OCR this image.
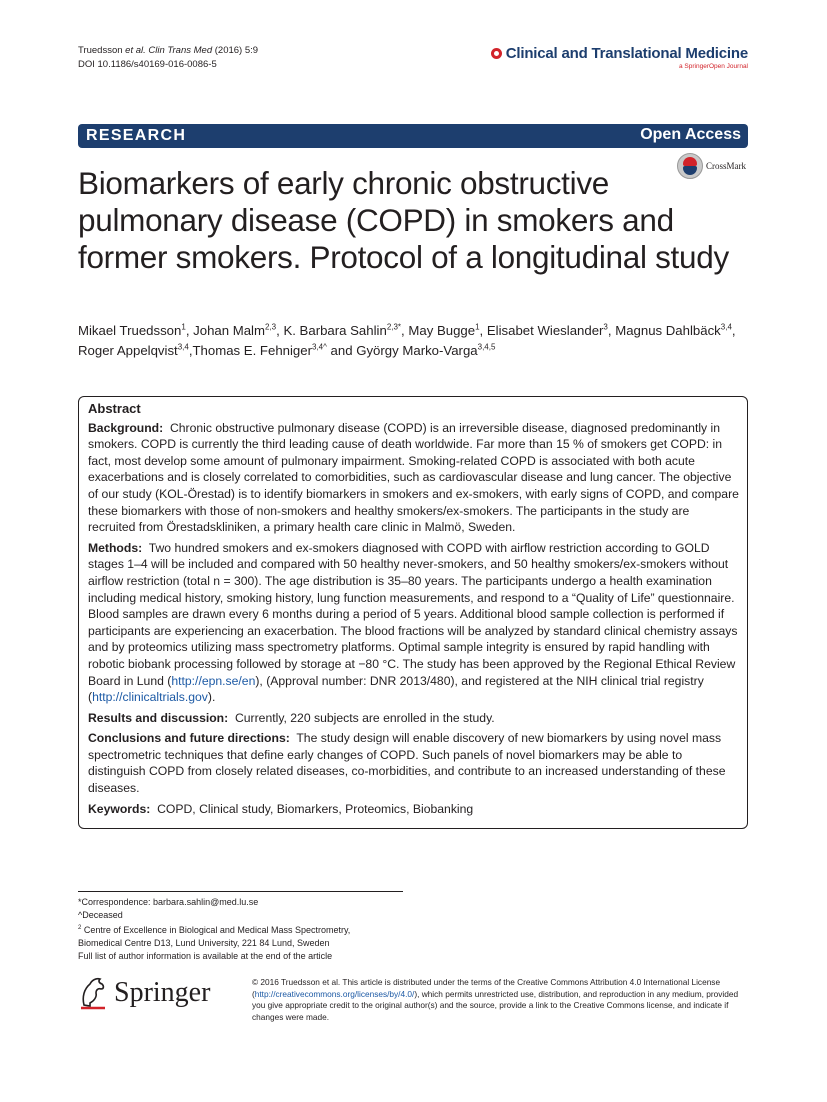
Truedsson et al. Clin Trans Med (2016) 5:9
DOI 10.1186/s40169-016-0086-5
Clinical and Translational Medicine
a SpringerOpen Journal
RESEARCH	Open Access
CrossMark
Biomarkers of early chronic obstructive pulmonary disease (COPD) in smokers and former smokers. Protocol of a longitudinal study
Mikael Truedsson$^1$, Johan Malm$^{2,3}$, K. Barbara Sahlin$^{2,3*}$, May Bugge$^1$, Elisabet Wieslander$^3$, Magnus Dahlbäck$^{3,4}$,
Roger Appelqvist$^{3,4}$,Thomas E. Fehniger$^{3,4\^{}}$ and György Marko‑Varga$^{3,4,5}$
Abstract

Background: Chronic obstructive pulmonary disease (COPD) is an irreversible disease, diagnosed predominantly in smokers. COPD is currently the third leading cause of death worldwide. Far more than 15 % of smokers get COPD: in fact, most develop some amount of pulmonary impairment. Smoking-related COPD is associated with both acute exacerbations and is closely correlated to comorbidities, such as cardiovascular disease and lung cancer. The objective of our study (KOL-Örestad) is to identify biomarkers in smokers and ex-smokers, with early signs of COPD, and compare these biomarkers with those of non-smokers and healthy smokers/ex-smokers. The participants in the study are recruited from Örestadskliniken, a primary health care clinic in Malmö, Sweden.

Methods: Two hundred smokers and ex-smokers diagnosed with COPD with airflow restriction according to GOLD stages 1–4 will be included and compared with 50 healthy never-smokers, and 50 healthy smokers/ex-smokers without airflow restriction (total n = 300). The age distribution is 35–80 years. The participants undergo a health examination including medical history, smoking history, lung function measurements, and respond to a “Quality of Life” questionnaire. Blood samples are drawn every 6 months during a period of 5 years. Additional blood sample collection is performed if participants are experiencing an exacerbation. The blood fractions will be analyzed by standard clinical chemistry assays and by proteomics utilizing mass spectrometry platforms. Optimal sample integrity is ensured by rapid handling with robotic biobank processing followed by storage at −80 °C. The study has been approved by the Regional Ethical Review Board in Lund (http://epn.se/en), (Approval number: DNR 2013/480), and registered at the NIH clinical trial registry (http://clinicaltrials.gov).

Results and discussion: Currently, 220 subjects are enrolled in the study.

Conclusions and future directions: The study design will enable discovery of new biomarkers by using novel mass spectrometric techniques that define early changes of COPD. Such panels of novel biomarkers may be able to distinguish COPD from closely related diseases, co-morbidities, and contribute to an increased understanding of these diseases.

Keywords: COPD, Clinical study, Biomarkers, Proteomics, Biobanking

*Correspondence: barbara.sahlin@med.lu.se
^Deceased
$^2$ Centre of Excellence in Biological and Medical Mass Spectrometry,
Biomedical Centre D13, Lund University, 221 84 Lund, Sweden
Full list of author information is available at the end of the article
Springer	© 2016 Truedsson et al. This article is distributed under the terms of the Creative Commons Attribution 4.0 International License (http://creativecommons.org/licenses/by/4.0/), which permits unrestricted use, distribution, and reproduction in any medium, provided you give appropriate credit to the original author(s) and the source, provide a link to the Creative Commons license, and indicate if changes were made.
